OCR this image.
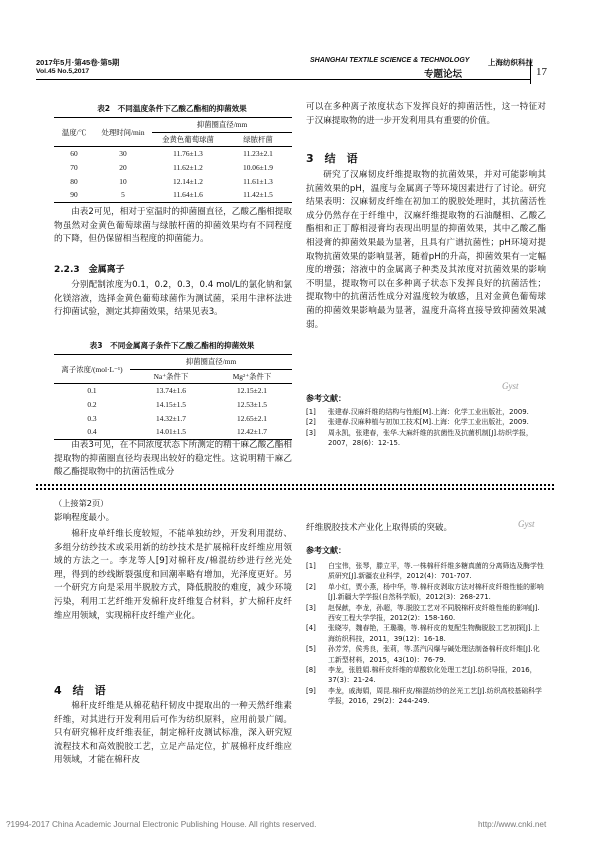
2017年5月·第45卷·第5期
Vol.45 No.5,2017
SHANGHAI TEXTILE SCIENCE & TECHNOLOGY 上海纺织科技
专题论坛	17
表2　不同温度条件下乙酸乙酯相的抑菌效果
温度/℃	处理时间/min	抑菌圈直径/mm	
		金黄色葡萄球菌	绿脓杆菌
60	30	11.76±1.3	11.23±2.1
70	20	11.62±1.2	10.06±1.9
80	10	12.14±1.2	11.61±1.3
90	5	11.64±1.6	11.42±1.5
由表2可见，相对于室温时的抑菌圈直径，乙酸乙酯相提取物虽然对金黄色葡萄球菌与绿脓杆菌的抑菌效果均有不同程度的下降，但仍保留相当程度的抑菌能力。
2.2.3　金属离子
分别配制浓度为0.1，0.2，0.3，0.4 mol/L的氯化钠和氯化镁溶液，选择金黄色葡萄球菌作为测试菌，采用牛津杯法进行抑菌试验，测定其抑菌效果，结果见表3。
表3　不同金属离子条件下乙酸乙酯相的抑菌效果
离子浓度/(mol·L⁻¹)	抑菌圈直径/mm	
	Na⁺条件下	Mg²⁺条件下
0.1	13.74±1.6	12.15±2.1
0.2	14.15±1.5	12.53±1.5
0.3	14.32±1.7	12.65±2.1
0.4	14.01±1.5	12.42±1.7
由表3可见，在不同浓度状态下所测定的精干麻乙酸乙酯相提取物的抑菌圈直径均表现出较好的稳定性。这说明精干麻乙酸乙酯提取物中的抗菌活性成分
可以在多种离子浓度状态下发挥良好的抑菌活性，这一特征对于汉麻提取物的进一步开发利用具有重要的价值。
3　结　语
研究了汉麻韧皮纤维提取物的抗菌效果，并对可能影响其抗菌效果的pH，温度与金属离子等环境因素进行了讨论。研究结果表明：汉麻韧皮纤维在初加工的脱胶处理时，其抗菌活性成分仍然存在于纤维中，汉麻纤维提取物的石油醚相、乙酸乙酯相和正丁醇相浸膏均表现出明显的抑菌效果，其中乙酸乙酯相浸膏的抑菌效果最为显著，且具有广谱抗菌性；pH环境对提取物抗菌效果的影响显著，随着pH的升高，抑菌效果有一定幅度的增强；溶液中的金属离子种类及其浓度对抗菌效果的影响不明显，提取物可以在多种离子状态下发挥良好的抗菌活性；提取物中的抗菌活性成分对温度较为敏感，且对金黄色葡萄球菌的抑菌效果影响最为显著，温度升高将直接导致抑菌效果减弱。
Gyst
参考文献：
[1]	张建春.汉麻纤维的结构与性能[M].上海：化学工业出版社，2009.
[2]	张建春.汉麻种植与初加工技术[M].上海：化学工业出版社，2009.
[3]	周永凯，张建春，张华.大麻纤维的抗菌性及抗菌机制[J].纺织学报，2007，28(6)：12-15.
（上接第2页）
影响程度最小。
棉秆皮单纤维长度较短，不能单独纺纱，开发利用混纺、多组分纺纱技术或采用新的纺纱技术是扩展棉秆皮纤维应用领域的方法之一。李龙等人[9]对棉秆皮/棉混纺纱进行丝光处理，得到的纱线断裂强度和回潮率略有增加，光泽度更好。另一个研究方向是采用半脱胶方式，降低脱胶的难度，减少环境污染，利用工艺纤维开发棉秆皮纤维复合材料，扩大棉秆皮纤维应用领域，实现棉秆皮纤维产业化。
4　结　语
棉秆皮纤维是从棉花秸秆韧皮中提取出的一种天然纤维素纤维，对其进行开发利用后可作为纺织原料，应用前景广阔。只有研究棉秆皮纤维表征，制定棉秆皮测试标准，深入研究短流程技术和高效脱胶工艺，立足产品定位，扩展棉秆皮纤维应用领域，才能在棉秆皮
纤维脱胶技术产业化上取得质的突破。	Gyst
参考文献：
[1]	白宝伟，张琴，滕立平，等.一株棉秆纤维多糖真菌的分离筛选及酶学性质研究[J].新疆农业科学，2012(4)：701-707.
[2]	单小红，贾小燕，杨中华，等.棉秆皮剥取方法对棉秆皮纤维性能的影响[J].新疆大学学报(自然科学版)，2012(3)：268-271.
[3]	赵保献，李龙，孙超，等.脱胶工艺对不同脱棉秆皮纤维性能的影响[J].西安工程大学学报，2012(2)：158-160.
[4]	张晓岑，魏春艳，王璐璐，等.棉秆皮的复配生物酶脱胶工艺初探[J].上海纺织科技，2011，39(12)：16-18.
[5]	孙芳芳，侯秀良，张莉，等.蒸汽闪爆与碱处理法制备棉秆皮纤维[J].化工新型材料，2015，43(10)：76-79.
[8]	李龙，张胜娟.棉秆皮纤维的草酸软化处理工艺[J].纺织导报，2016，37(3)：21-24.
[9]	李龙，戚海娟，周昆.棉秆皮/棉混纺纱的丝光工艺[J].纺织高校基础科学学报，2016，29(2)：244-249.
?1994-2017 China Academic Journal Electronic Publishing House. All rights reserved.	http://www.cnki.net
